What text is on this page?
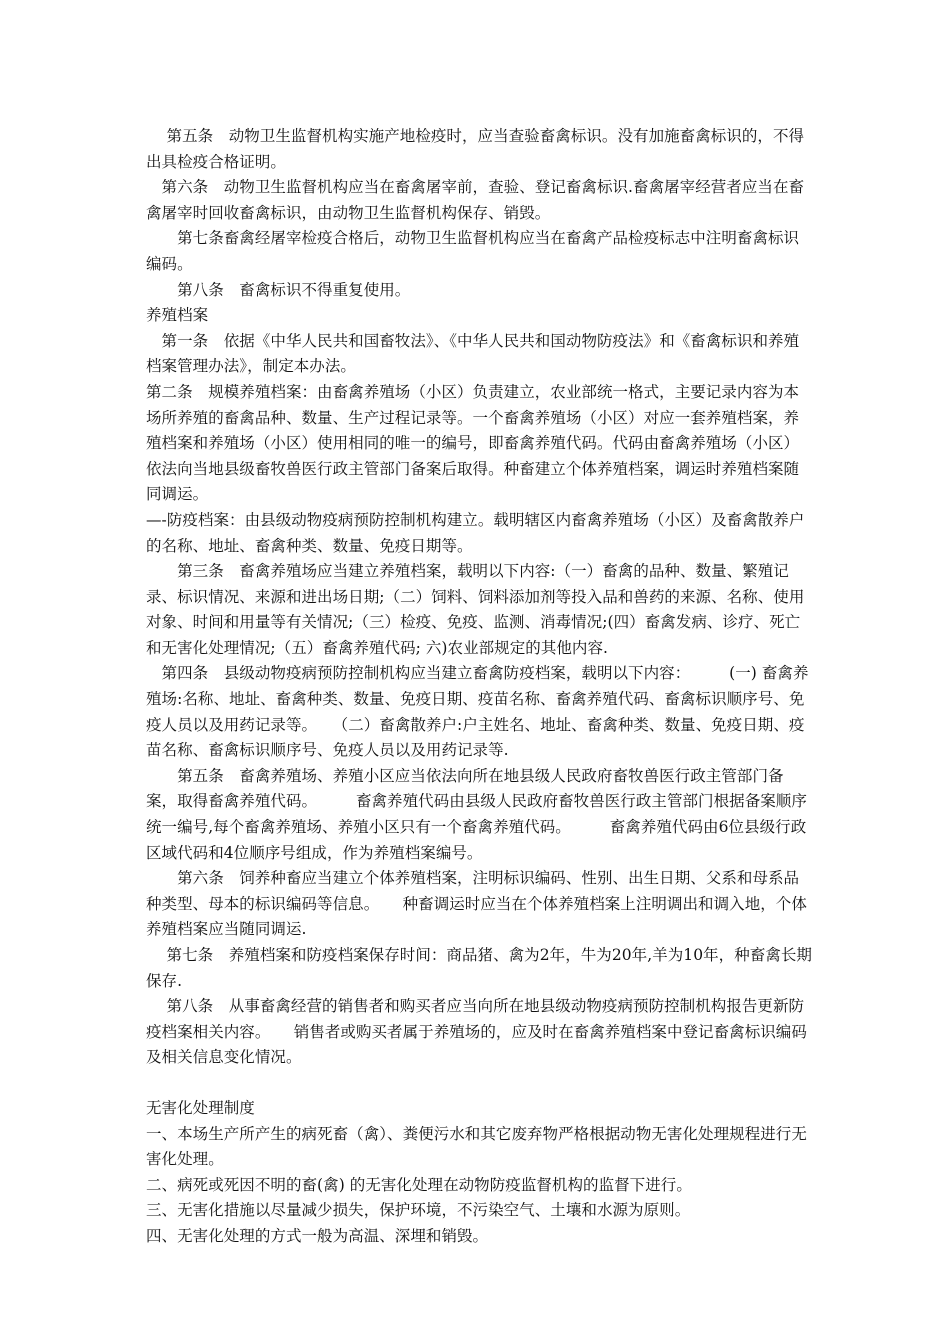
　 第五条　动物卫生监督机构实施产地检疫时，应当查验畜禽标识。没有加施畜禽标识的，不得出具检疫合格证明。

　第六条　动物卫生监督机构应当在畜禽屠宰前，查验、登记畜禽标识.畜禽屠宰经营者应当在畜禽屠宰时回收畜禽标识，由动物卫生监督机构保存、销毁。

　　第七条畜禽经屠宰检疫合格后，动物卫生监督机构应当在畜禽产品检疫标志中注明畜禽标识编码。

　　第八条　畜禽标识不得重复使用。

养殖档案

　第一条　依据《中华人民共和国畜牧法》、《中华人民共和国动物防疫法》和《畜禽标识和养殖档案管理办法》，制定本办法。

第二条　规模养殖档案：由畜禽养殖场（小区）负责建立，农业部统一格式，主要记录内容为本场所养殖的畜禽品种、数量、生产过程记录等。一个畜禽养殖场（小区）对应一套养殖档案，养殖档案和养殖场（小区）使用相同的唯一的编号，即畜禽养殖代码。代码由畜禽养殖场（小区）依法向当地县级畜牧兽医行政主管部门备案后取得。种畜建立个体养殖档案，调运时养殖档案随同调运。

—-防疫档案：由县级动物疫病预防控制机构建立。载明辖区内畜禽养殖场（小区）及畜禽散养户的名称、地址、畜禽种类、数量、免疫日期等。

　　第三条　畜禽养殖场应当建立养殖档案，载明以下内容:（一）畜禽的品种、数量、繁殖记录、标识情况、来源和进出场日期;（二）饲料、饲料添加剂等投入品和兽药的来源、名称、使用对象、时间和用量等有关情况;（三）检疫、免疫、监测、消毒情况;(四）畜禽发病、诊疗、死亡和无害化处理情况;（五）畜禽养殖代码; 六)农业部规定的其他内容.

　第四条　县级动物疫病预防控制机构应当建立畜禽防疫档案，载明以下内容：　　　(一) 畜禽养殖场:名称、地址、畜禽种类、数量、免疫日期、疫苗名称、畜禽养殖代码、畜禽标识顺序号、免疫人员以及用药记录等。　　（二）畜禽散养户:户主姓名、地址、畜禽种类、数量、免疫日期、疫苗名称、畜禽标识顺序号、免疫人员以及用药记录等.

　　第五条　畜禽养殖场、养殖小区应当依法向所在地县级人民政府畜牧兽医行政主管部门备案，取得畜禽养殖代码。　　　畜禽养殖代码由县级人民政府畜牧兽医行政主管部门根据备案顺序统一编号,每个畜禽养殖场、养殖小区只有一个畜禽养殖代码。　　　畜禽养殖代码由6位县级行政区域代码和4位顺序号组成，作为养殖档案编号。

　　第六条　饲养种畜应当建立个体养殖档案，注明标识编码、性别、出生日期、父系和母系品种类型、母本的标识编码等信息。　　种畜调运时应当在个体养殖档案上注明调出和调入地，个体养殖档案应当随同调运.

　 第七条　养殖档案和防疫档案保存时间：商品猪、禽为2年，牛为20年,羊为10年，种畜禽长期保存.

　 第八条　从事畜禽经营的销售者和购买者应当向所在地县级动物疫病预防控制机构报告更新防疫档案相关内容。　　销售者或购买者属于养殖场的，应及时在畜禽养殖档案中登记畜禽标识编码及相关信息变化情况。

无害化处理制度

一、本场生产所产生的病死畜（禽）、粪便污水和其它废弃物严格根据动物无害化处理规程进行无害化处理。

二、病死或死因不明的畜(禽) 的无害化处理在动物防疫监督机构的监督下进行。

三、无害化措施以尽量减少损失，保护环境，不污染空气、土壤和水源为原则。

四、无害化处理的方式一般为高温、深埋和销毁。
